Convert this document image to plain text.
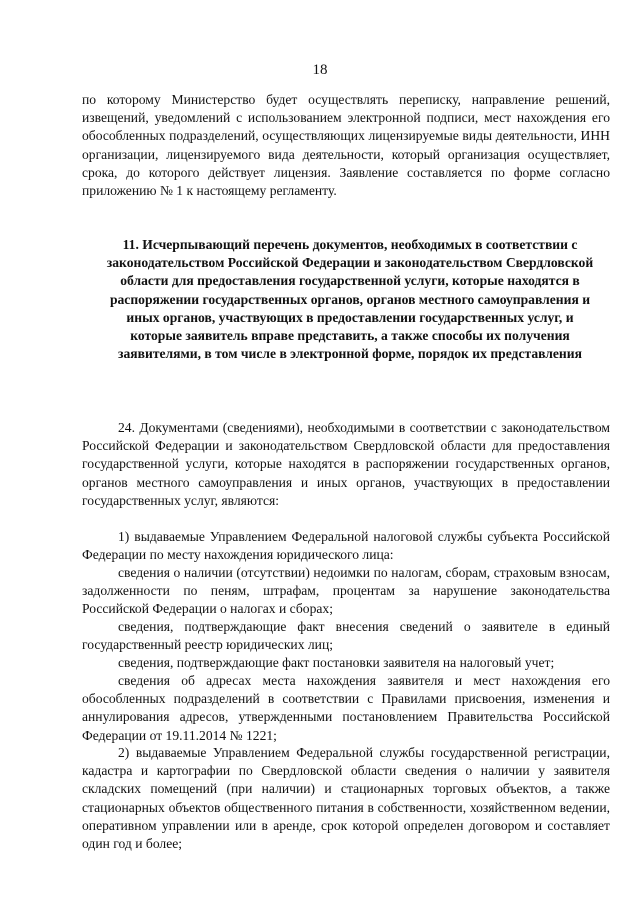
18
по которому Министерство будет осуществлять переписку, направление решений, извещений, уведомлений с использованием электронной подписи, мест нахождения его обособленных подразделений, осуществляющих лицензируемые виды деятельности, ИНН организации, лицензируемого вида деятельности, который организация осуществляет, срока, до которого действует лицензия. Заявление составляется по форме согласно приложению № 1 к настоящему регламенту.
11. Исчерпывающий перечень документов, необходимых в соответствии с законодательством Российской Федерации и законодательством Свердловской области для предоставления государственной услуги, которые находятся в распоряжении государственных органов, органов местного самоуправления и иных органов, участвующих в предоставлении государственных услуг, и которые заявитель вправе представить, а также способы их получения заявителями, в том числе в электронной форме, порядок их представления
24. Документами (сведениями), необходимыми в соответствии с законодательством Российской Федерации и законодательством Свердловской области для предоставления государственной услуги, которые находятся в распоряжении государственных органов, органов местного самоуправления и иных органов, участвующих в предоставлении государственных услуг, являются:
1) выдаваемые Управлением Федеральной налоговой службы субъекта Российской Федерации по месту нахождения юридического лица:
сведения о наличии (отсутствии) недоимки по налогам, сборам, страховым взносам, задолженности по пеням, штрафам, процентам за нарушение законодательства Российской Федерации о налогах и сборах;
сведения, подтверждающие факт внесения сведений о заявителе в единый государственный реестр юридических лиц;
сведения, подтверждающие факт постановки заявителя на налоговый учет;
сведения об адресах места нахождения заявителя и мест нахождения его обособленных подразделений в соответствии с Правилами присвоения, изменения и аннулирования адресов, утвержденными постановлением Правительства Российской Федерации от 19.11.2014 № 1221;
2) выдаваемые Управлением Федеральной службы государственной регистрации, кадастра и картографии по Свердловской области сведения о наличии у заявителя складских помещений (при наличии) и стационарных торговых объектов, а также стационарных объектов общественного питания в собственности, хозяйственном ведении, оперативном управлении или в аренде, срок которой определен договором и составляет один год и более;
